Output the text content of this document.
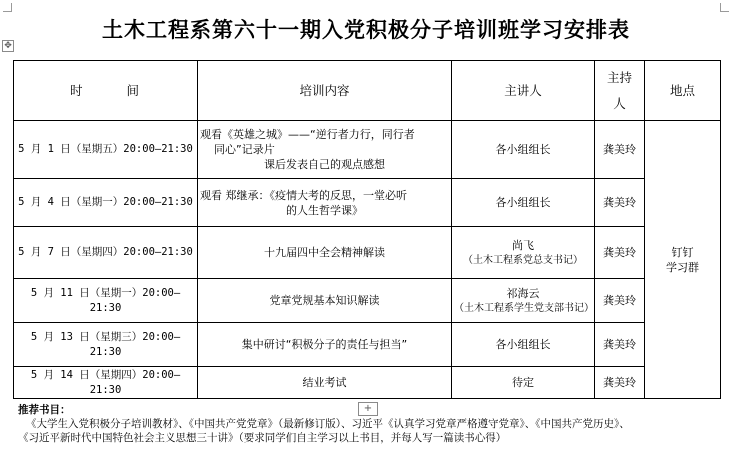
土木工程系第六十一期入党积极分子培训班学习安排表
✥
时 间	培训内容	主讲人	主持人	地点
5 月 1 日（星期五）20:00—21:30	观看《英雄之城》——“逆行者力行，同行者
同心”记录片
课后发表自己的观点感想	各小组组长	龚美玲	钉钉
学习群

5 月 4 日（星期一）20:00—21:30	观看 郑继承：《疫情大考的反思，一堂必听
的人生哲学课》	各小组组长	龚美玲	
5 月 7 日（星期四）20:00—21:30	十九届四中全会精神解读	尚飞
（土木工程系党总支书记）	龚美玲	
5 月 11 日（星期一）20:00—21:30	党章党规基本知识解读	祁海云
（土木工程系学生党支部书记）	龚美玲	
5 月 13 日（星期三）20:00—21:30	集中研讨“积极分子的责任与担当”	各小组组长	龚美玲	
5 月 14 日（星期四）20:00—21:30	结业考试	待定	龚美玲	
+
推荐书目：
《大学生入党积极分子培训教材》、《中国共产党党章》（最新修订版）、习近平《认真学习党章严格遵守党章》、《中国共产党历史》、
《习近平新时代中国特色社会主义思想三十讲》（要求同学们自主学习以上书目，并每人写一篇读书心得）
